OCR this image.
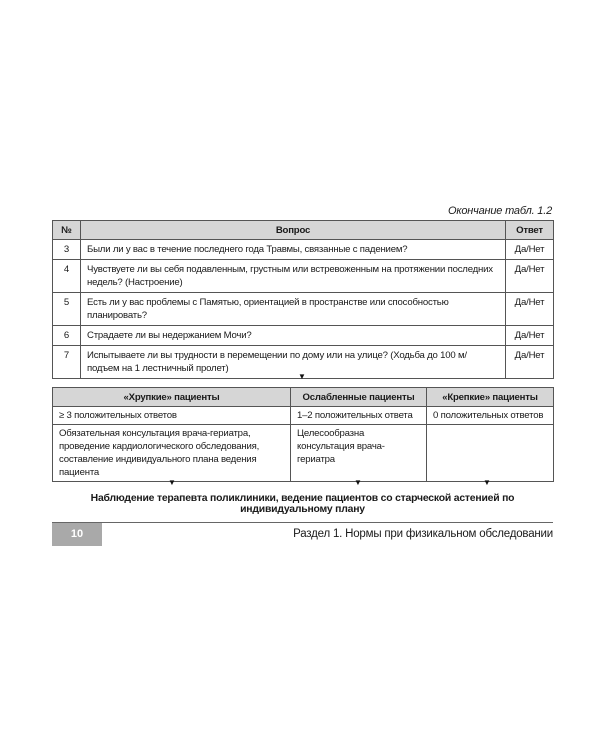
Окончание табл. 1.2
№	Вопрос	Ответ
3	Были ли у вас в течение последнего года Травмы, связанные с падением?	Да/Нет
4	Чувствуете ли вы себя подавленным, грустным или встревоженным на протяжении последних недель? (Настроение)	Да/Нет
5	Есть ли у вас проблемы с Памятью, ориентацией в пространстве или способностью планировать?	Да/Нет
6	Страдаете ли вы недержанием Мочи?	Да/Нет
7	Испытываете ли вы трудности в перемещении по дому или на улице? (Ходьба до 100 м/подъем на 1 лестничный пролет)	Да/Нет
▼
«Хрупкие» пациенты	Ослабленные пациенты	«Крепкие» пациенты
≥ 3 положительных ответов	1–2 положительных ответа	0 положительных ответов
Обязательная консультация врача-гериатра, проведение кардиологического обследования, составление индивидуального плана ведения пациента	Целесообразна консультация врача-гериатра	
▼	▼	▼
Наблюдение терапевта поликлиники, ведение пациентов со старческой астенией по индивидуальному плану
10	Раздел 1. Нормы при физикальном обследовании
